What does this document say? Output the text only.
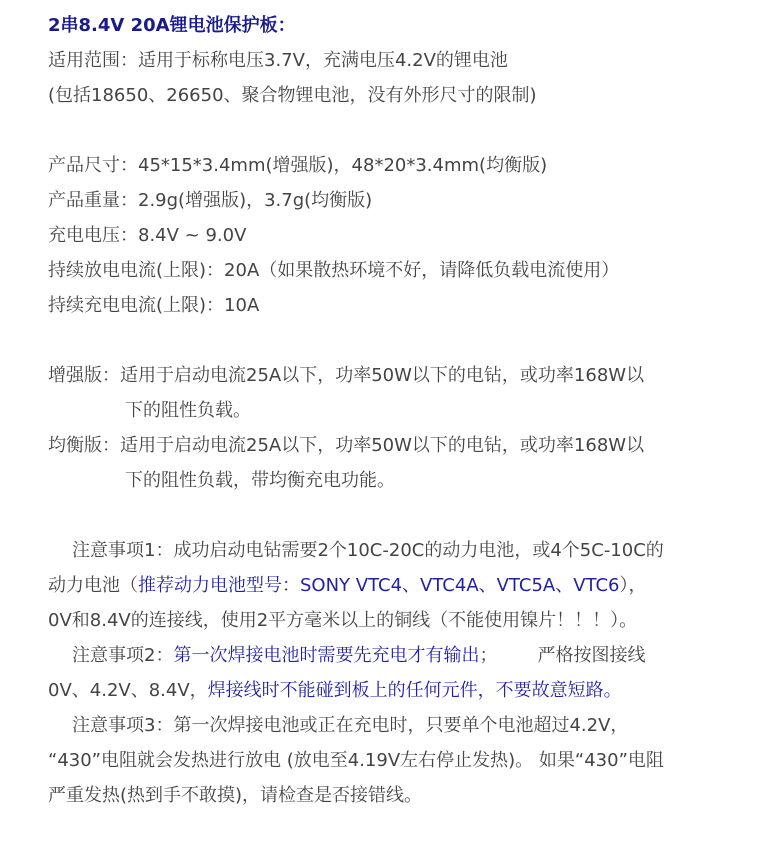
2串8.4V 20A锂电池保护板：
适用范围：适用于标称电压3.7V，充满电压4.2V的锂电池
(包括18650、26650、聚合物锂电池，没有外形尺寸的限制)
产品尺寸：45*15*3.4mm(增强版)，48*20*3.4mm(均衡版)
产品重量：2.9g(增强版)，3.7g(均衡版)
充电电压：8.4V ~ 9.0V
持续放电电流(上限)：20A（如果散热环境不好，请降低负载电流使用）
持续充电电流(上限)：10A
增强版：适用于启动电流25A以下，功率50W以下的电钻，或功率168W以
下的阻性负载。
均衡版：适用于启动电流25A以下，功率50W以下的电钻，或功率168W以
下的阻性负载，带均衡充电功能。
注意事项1：成功启动电钻需要2个10C-20C的动力电池，或4个5C-10C的
动力电池（推荐动力电池型号：SONY VTC4、VTC4A、VTC5A、VTC6），
0V和8.4V的连接线，使用2平方毫米以上的铜线（不能使用镍片！！！）。
注意事项2：第一次焊接电池时需要先充电才有输出； 严格按图接线
0V、4.2V、8.4V，焊接线时不能碰到板上的任何元件，不要故意短路。
注意事项3：第一次焊接电池或正在充电时，只要单个电池超过4.2V，
“430”电阻就会发热进行放电 (放电至4.19V左右停止发热)。 如果“430”电阻
严重发热(热到手不敢摸)，请检查是否接错线。
